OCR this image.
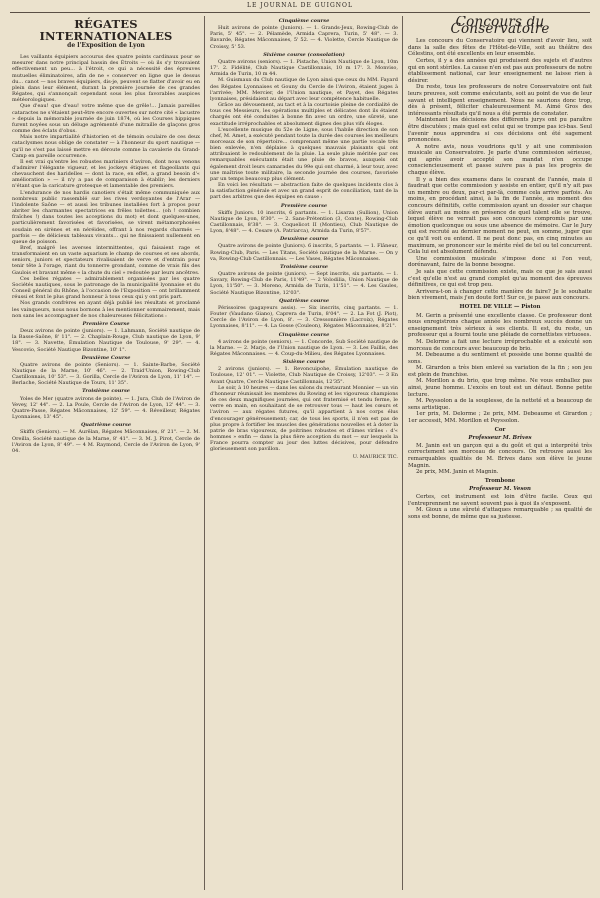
LE JOURNAL DE GUIGNOL
RÉGATES INTERNATIONALES
de l'Exposition de Lyon

Les vaillants équipiers accourus des quatre points cardinaux pour se mesurer dans notre principal bassin des Étroits — où ils s'y trouvaient effectivement un peu... à l'étroit, ce qui a nécessité des épreuves mutuelles éliminatoires, afin de ne « conserver en ligne que le dessus du... canot — nos braves équipiers, dis-je, peuvent se flatter d'avoir eu en plein dans leur élément, durant la première journée de ces grandes Régates, qui s'annonçait cependant sous les plus favorables auspices météorologiques.

Que d'eau! que d'eau! votre même que de grêle!... Jamais pareilles cataractes ne s'étaient peut-être encore ouvertes sur notre cité « lacustre » depuis la mémorable journée de juin 1874, où les Courses hippiques furent noyées sous un déluge agrémenté d'une mitraille de glaçons gros comme des éclats d'obus.

Mais notre impartialité d'historien et de témoin oculaire de ces deux cataclysmes nous oblige de constater — à l'honneur du sport nautique — qu'il ne s'est pas laissé mettre en déroute comme la cavalerie du Grand-Camp en pareille occurrence.

Il est vrai qu'entre les robustes mariniers d'aviron, dont nous venons d'admirer l'élégante vigueur, et les jockeys étiques et flageollants qui chevauchent des haridelles — dont la race, en effet, a grand besoin d'« amélioration » — il n'y a pas de comparaison à établir; les derniers n'étant que la caricature grotesque et lamentable des premiers.

L'endurance de nos hardis canotiers s'était même communiquée aux nombreux public rassemblé sur les rives verdoyantes de l'Arar — l'indolente Saône — et aussi les tribunes installées fort à propos pour abriter les charmantes spectatrices en frêles toilettes... (oh ! combien fraîches !) dans toutes les acceptions du mot) et dont quelques-unes, particulièrement favorisées et favorisées, se virent métamorphosées soudain en sirènes et en néréides, offrant à nos regards charmés — parfois — de délicieux tableaux vivants... qui ne finissaient nullement en queue de poisson.

Bref, malgré les averses intermittentes, qui faisaient rage et transformaient en un vaste aquarium le champ de courses et ses abords, seniors, juniors et spectateurs rivalisaient de verve et d'entrain pour tenir tête à l'orage, riant du tonnerre grondant, comme de vrais fils des Gaulois et bravant même « la chute du ciel » redoutée par leurs ancêtres.

Ces belles régates — admirablement organisées par les quatre Sociétés nautiques, sous le patronage de la municipalité lyonnaise et du Conseil général du Rhône, à l'occasion de l'Exposition — ont brillamment réussi et font le plus grand honneur à tous ceux qui y ont pris part.

Nos grands confrères en ayant déjà publié les résultats et proclamé les vainqueurs, nous nous bornons à les mentionner sommairement, mais non sans les accompagner de nos chaleureuses félicitations :

Première Course

Deux avirons de pointe (juniors). — 1. Lahmann, Société nautique de la Basse-Saône, 8' 11". — 2. Chaplain-Rouge, Club nautique de Lyon, 9' 18". — 3. Navette, Émulation Nautique de Toulouse, 9' 29". — 4. Vescovio, Société Nautique Bizontine, 10' 1".

Deuxième Course

Quatre avirons de pointe (Seniors). — 1. Sainte-Barbe, Société Nautique de la Marne, 10' 46". — 2. Traid'Union, Rowing-Club Castillonnais, 10' 53". — 3. Gorilla, Cercle de l'Aviron de Lyon, 11' 14". — Berlache, Société Nautique de Tours, 11' 35".

Troisième course

Yoles de Mer (quatre avirons de pointe). — 1. Jura, Club de l'Aviron de Vevey, 12' 44". — 2. La Poule, Cercle de l'Aviron de Lyon, 12' 44". — 3. Quatre-Passe, Régates Mâconnaises, 12' 59". — 4. Réveilleur, Régates Lyonnaises, 13' 45".

Quatrième course

Skiffs (Seniors). — M. Aurêlan, Régates Mâconnaises, 8' 21". — 2. M. Oreilla, Société nautique de la Marne, 8' 41". — 3. M. J. Pirot, Cercle de l'Aviron de Lyon, 8' 49". — 4 M. Raymond, Cercle de l'Aviron de Lyon, 9' 04.

Cinquième course

Huit avirons de pointe (Juniors). — 1. Grands-Jeux, Rowing-Club de Paris, 5' 45". — 2. Pélamède, Armida Caprera, Turin, 5' 48". — 3. Bavarde, Régates Mâconnaises, 5' 52. — 4. Violette, Cercle Nautique de Croissy, 5' 53.

Sixième course (consolation)

Quatre avirons (seniors). — 1. Pistache, Union Nautique de Lyon, 10m 17'. 2. Fidélité, Club Nautique Castillonnais, 10 m 17'. 3. Monviso, Armida de Turin, 10 m 44.

M. Guismaux du Club nautique de Lyon ainsi que ceux du MM. Fayard des Régates Lyonnaises et Gouny du Cercle de l'Aviron, étaient juges à l'arrivée; MM. Mercier, de l'Union nautique, et Payet, des Régates lyonnaises, présidaient au départ avec leur compétence habituelle.

Grâce au dévouement, au tact et à la courtoisie pleine de cordialité de tous ces Messieurs, les opérations multiples et délicates dont ils étaient chargés ont été conduites à bonne fin avec un ordre, une sûreté, une exactitude irréprochables et absolument dignes des plus vifs éloges.

L'excellente musique du 52e de Ligne, sous l'habile direction de son chef, M. Amet, a exécuté pendant toute la durée des courses les meilleurs morceaux de son répertoire... comprenant même une partie vocale très bien enlevée, n'en déplaise à quelques mauvais plaisants qui ont attribuaient le redoublement de la pluie. La seule pluie méritée par ces remarquables exécutants était une pluie de bravos, auxquels ont également droit leurs camarades du 99e qui ont charmé, à leur tour, avec une maîtrise toute militaire, la seconde journée des courses, favorisée par un temps beaucoup plus clément.

En voici les résultats — abstraction faite de quelques incidents clos à la satisfaction générale et avec un grand esprit de conciliation, tant de la part des arbitres que des équipes en cause :

Première course

Skiffs Juniors. 10 inscrits, 6 partants. — 1. Lisarza (Sullion), Union Nautique de Lyon, 8'30". — 2. Sans-Prétention (3, Conte), Rowing-Club Castillonnais, 8'38". — 3. Coquelicot II (Montieu), Club Nautique de Lyon, 8'48". — 4. Cesare (A. Patriarca), Armida da Turin, 8'57".

Deuxième course

Quatre avirons de pointe (Juniors). 6 inscrits, 5 partants. — 1. Flâneur, Rowing-Club, Paris. — Les Titans, Société nautique de la Marne. — On y va, Rowing-Club Castillonnais. — Les Vases, Régates Mâconnaises.

Troisième course

Quatre avirons de pointe (juniors). — Sept inscrits, six partants. — 1. Savary, Rowing-Club de Paris, 11'49". — 2 Volodilia, Union Nautique de Lyon, 11'50". — 3. Moreno, Armida de Turin, 11'51". — 4. Les Gaules, Société Nautique Bizontine, 12'03".

Quatrième course

Périssoires (pagayeurs assis). — Six inscrits, cinq partants. — 1. Fouter (Vaudano Giano), Caprera de Turin, 8'04". — 2. La Fot (J. Piot), Cercle de l'Aviron de Lyon, 8'. — 3. Cressonnière (Lacroix), Régates Lyonnaises, 8'11". — 4. La Gosse (Couleon), Régates Mâconnaises, 8'21".

Cinquième course

4 avirons de pointe (seniors). — 1. Concorde, Sub Société nautique de la Marne. — 2. Marjo, de l'Union nautique de Lyon. — 3. Les Faillis, des Régates Mâconnaises. — 4. Coup-du-Milieu, des Régates Lyonnaises.

Sixième course

2 avirons (juniors). — 1. Revoncuipohe, Émulation nautique de Toulouse, 12' 01". — Violette, Club Nautique de Croissy, 12'03". — 3 En Avant Quatre, Cercle Nautique Castillonnais, 12'35".

Le soir, à 10 heures — dans les salons du restaurant Monnier — un vin d'honneur réunissait les membres du Rowing et les vigoureux champions de ces deux magnifiques journées, qui ont fraternisé et tendu ferme, le verre en main, en souhaitant de se retrouver tous — haut les cœurs et l'aviron — aux régates futures, qu'il appartient à nos corps élus d'encourager généreusement; car, de tous les sports, il n'en est pas de plus propre à fortifier les muscles des générations nouvelles et à doter la patrie de bras vigoureux, de poitrines robustes et d'âmes viriles : d'« hommes » enfin — dans la plus fière acception du mot — sur lesquels la France pourra compter au jour des luttes décisives, pour défendre glorieusement son pavillon.

U. MAURICE TIC.
Concours du Conservatoire

Les concours du Conservatoire qui viennent d'avoir lieu, soit dans la salle des fêtes de l'Hôtel-de-Ville, soit au théâtre des Célestins, ont été excellents en leur ensemble.

Certes, il y a des années qui produisent des sujets et d'autres qui en sont stériles. La cause n'en est pas aux professeurs de notre établissement national, car leur enseignement ne laisse rien à désirer.

Du reste, tous les professeurs de notre Conservatoire ont fait leurs preuves, soit comme exécutants, soit au point de vue de leur savant et intelligent enseignement. Nous ne saurions donc trop, dès à présent, féliciter chaleureusement M. Aimé Gros des intéressants résultats qu'il nous a été permis de constater.

Maintenant les décisions des différents jurys ont pu paraître être discutées ; mais quel est celui qui se trompe pas ici-bas. Seul l'avenir nous apprendra si ces décisions ont été sagement prononcées.

A notre avis, nous voudrions qu'il y ait une commission musicale au Conservatoire. Je parle d'une commission sérieuse, qui après avoir accepté son mandat n'en occupe consciencieusement et passe suivre pas à pas les progrès de chaque élève.

Il y a bien des examens dans le courant de l'année, mais il faudrait que cette commission y assiste en entier, qu'il n'y ait pas un membre ou deux, par-ci par-là, comme cela arrive parfois. Au moins, en procédant ainsi, à la fin de l'année, au moment des concours définitifs, cette commission ayant un dossier sur chaque élève aurait au moins en présence de quel talent elle se trouve, lequel élève ne verrait pas son concours compromis par une émotion quelconque ou sous une absence de mémoire. Car le Jury qui est recruté au dernier moment ne peut, en somme, juger que ce qu'il voit ou entend. Il ne peut donc pas, en cinq minutes au maximum, se prononcer sur le mérite réel de tel ou tel concurrent. Cela lui est absolument défendu.

Une commission musicale s'impose donc si l'on veut, dorénavant, faire de la bonne besogne.

Je sais que cette commission existe, mais ce que je sais aussi c'est qu'elle n'est au grand complet qu'au moment des épreuves définitives, ce qui est trop peu.

Arrivera-t-on à changer cette manière de faire? Je le souhaite bien vivement, mais j'en doute fort! Sur ce, je passe aux concours.

HOTEL DE VILLE — Piston

M. Gerin a présenté une excellente classe. Ce professeur dont nous enregistrons chaque année les nombreux succès donne un enseignement très sérieux à ses clients. Il est, du reste, un professeur qui a fourni toute une pléiade de cornettistes virtuoses.

M. Delorme a fait une lecture irréprochable et a exécuté son morceau de concours avec beaucoup de brio.

M. Debeaume a du sentiment et possède une bonne qualité de sons.

M. Girardon a très bien enlevé sa variation de la fin ; son jeu est plein de franchise.

M. Morillon a du brio, que trop même. Ne vous emballez pas ainsi, jeune homme. L'excès en tout est un défaut. Bonne petite lecture.

M. Peyssolon a de la souplesse, de la netteté et a beaucoup de sens artistique.

1er prix, M. Delorme ; 2e prix, MM. Debeaume et Girardon ; 1er accessit, MM. Morillon et Peyssolon.

Cor
Professeur M. Brives

M. Janin est un garçon qui a du goût et qui a interprété très correctement son morceau de concours. On retrouve aussi les remarquables qualités de M. Brives dans son élève le jeune Magnin.

2e prix, MM. Janin et Magnin.

Trombone
Professeur M. Veson

Certes, cet instrument est loin d'être facile. Ceux qui l'entreprennent ne savent souvent pas à quoi ils s'exposent.

M. Gioux a une sûreté d'attaques remarquable ; sa qualité de sons est bonne, de même que sa justesse.
